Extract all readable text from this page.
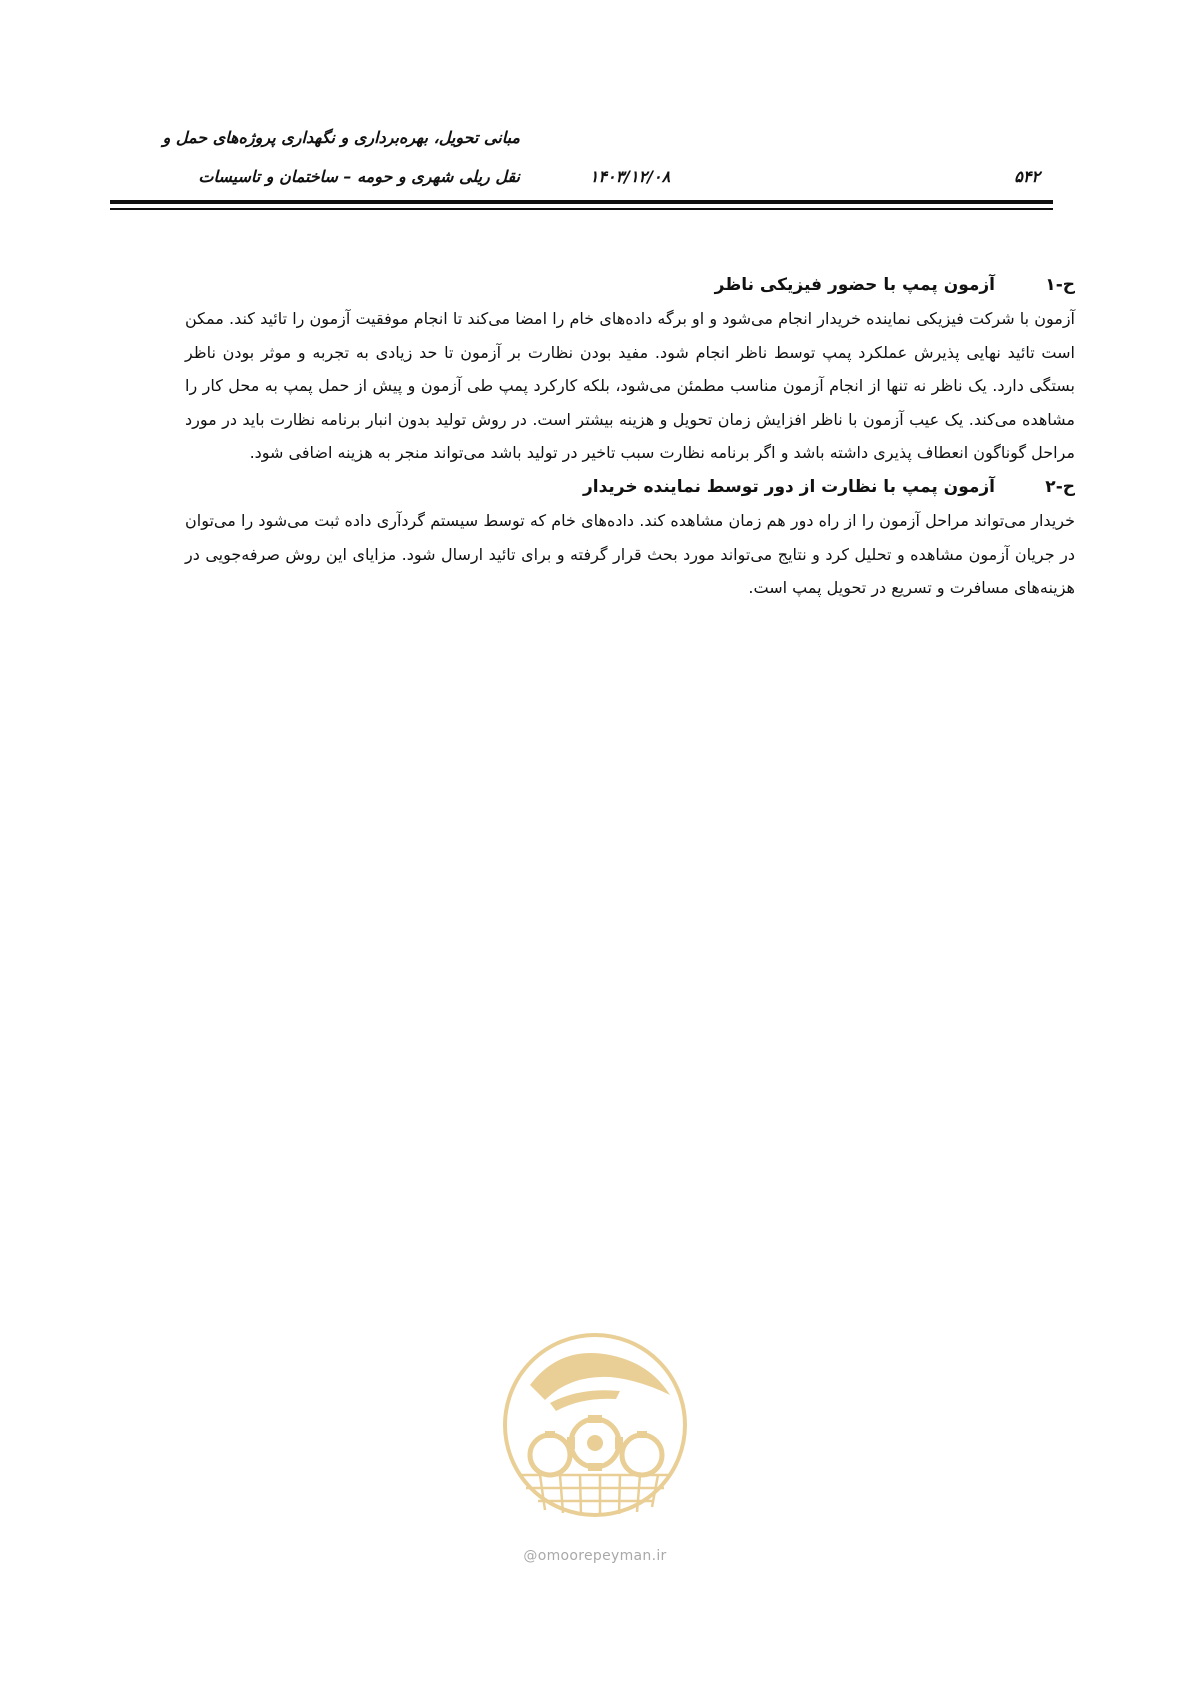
مبانی تحویل، بهره‌برداری و نگهداری پروژه‌های حمل و
نقل ریلی شهری و حومه – ساختمان و تاسیسات	۱۴۰۳/۱۲/۰۸	۵۴۲
ح-۱
آزمون پمپ با حضور فیزیکی ناظر

آزمون با شرکت فیزیکی نماینده خریدار انجام می‌شود و او برگه داده‌های خام را امضا می‌کند تا انجام موفقیت آزمون را تائید کند. ممکن است تائید نهایی پذیرش عملکرد پمپ توسط ناظر انجام شود. مفید بودن نظارت بر آزمون تا حد زیادی به تجربه و موثر بودن ناظر بستگی دارد. یک ناظر نه تنها از انجام آزمون مناسب مطمئن می‌شود، بلکه کارکرد پمپ طی آزمون و پیش از حمل پمپ به محل کار را مشاهده می‌کند. یک عیب آزمون با ناظر افزایش زمان تحویل و هزینه بیشتر است. در روش تولید بدون انبار برنامه نظارت باید در مورد مراحل گوناگون انعطاف پذیری داشته باشد و اگر برنامه نظارت سبب تاخیر در تولید باشد می‌تواند منجر به هزینه اضافی شود.

ح-۲
آزمون پمپ با نظارت از دور توسط نماینده خریدار

خریدار می‌تواند مراحل آزمون را از راه دور هم زمان مشاهده کند. داده‌های خام که توسط سیستم گردآری داده ثبت می‌شود را می‌توان در جریان آزمون مشاهده و تحلیل کرد و نتایج می‌تواند مورد بحث قرار گرفته و برای تائید ارسال شود. مزایای این روش صرفه‌جویی در هزینه‌های مسافرت و تسریع در تحویل پمپ است.

@omoorepeyman.ir
